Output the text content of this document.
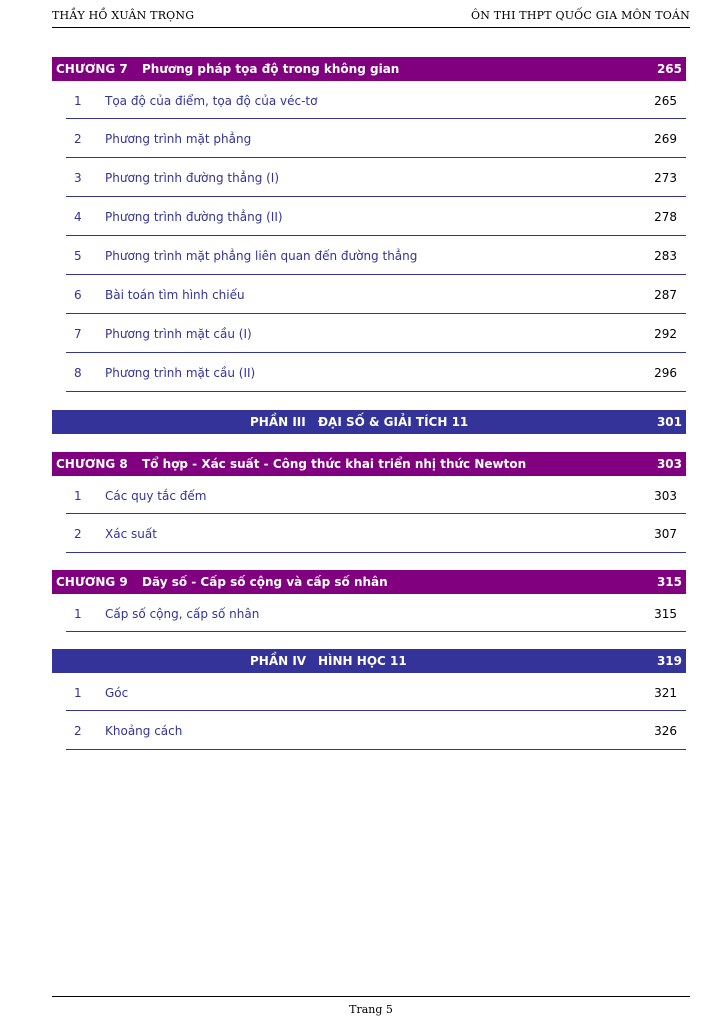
THẦY HỒ XUÂN TRỌNG	ÔN THI THPT QUỐC GIA MÔN TOÁN
CHƯƠNG 7 Phương pháp tọa độ trong không gian	265
1 Tọa độ của điểm, tọa độ của véc-tơ	265
2 Phương trình mặt phẳng	269
3 Phương trình đường thẳng (I)	273
4 Phương trình đường thẳng (II)	278
5 Phương trình mặt phẳng liên quan đến đường thẳng	283
6 Bài toán tìm hình chiếu	287
7 Phương trình mặt cầu (I)	292
8 Phương trình mặt cầu (II)	296
PHẦN III ĐẠI SỐ & GIẢI TÍCH 11	301
CHƯƠNG 8 Tổ hợp - Xác suất - Công thức khai triển nhị thức Newton	303
1 Các quy tắc đếm	303
2 Xác suất	307
CHƯƠNG 9 Dãy số - Cấp số cộng và cấp số nhân	315
1 Cấp số cộng, cấp số nhân	315
PHẦN IV HÌNH HỌC 11	319
1 Góc	321
2 Khoảng cách	326
Trang 5
